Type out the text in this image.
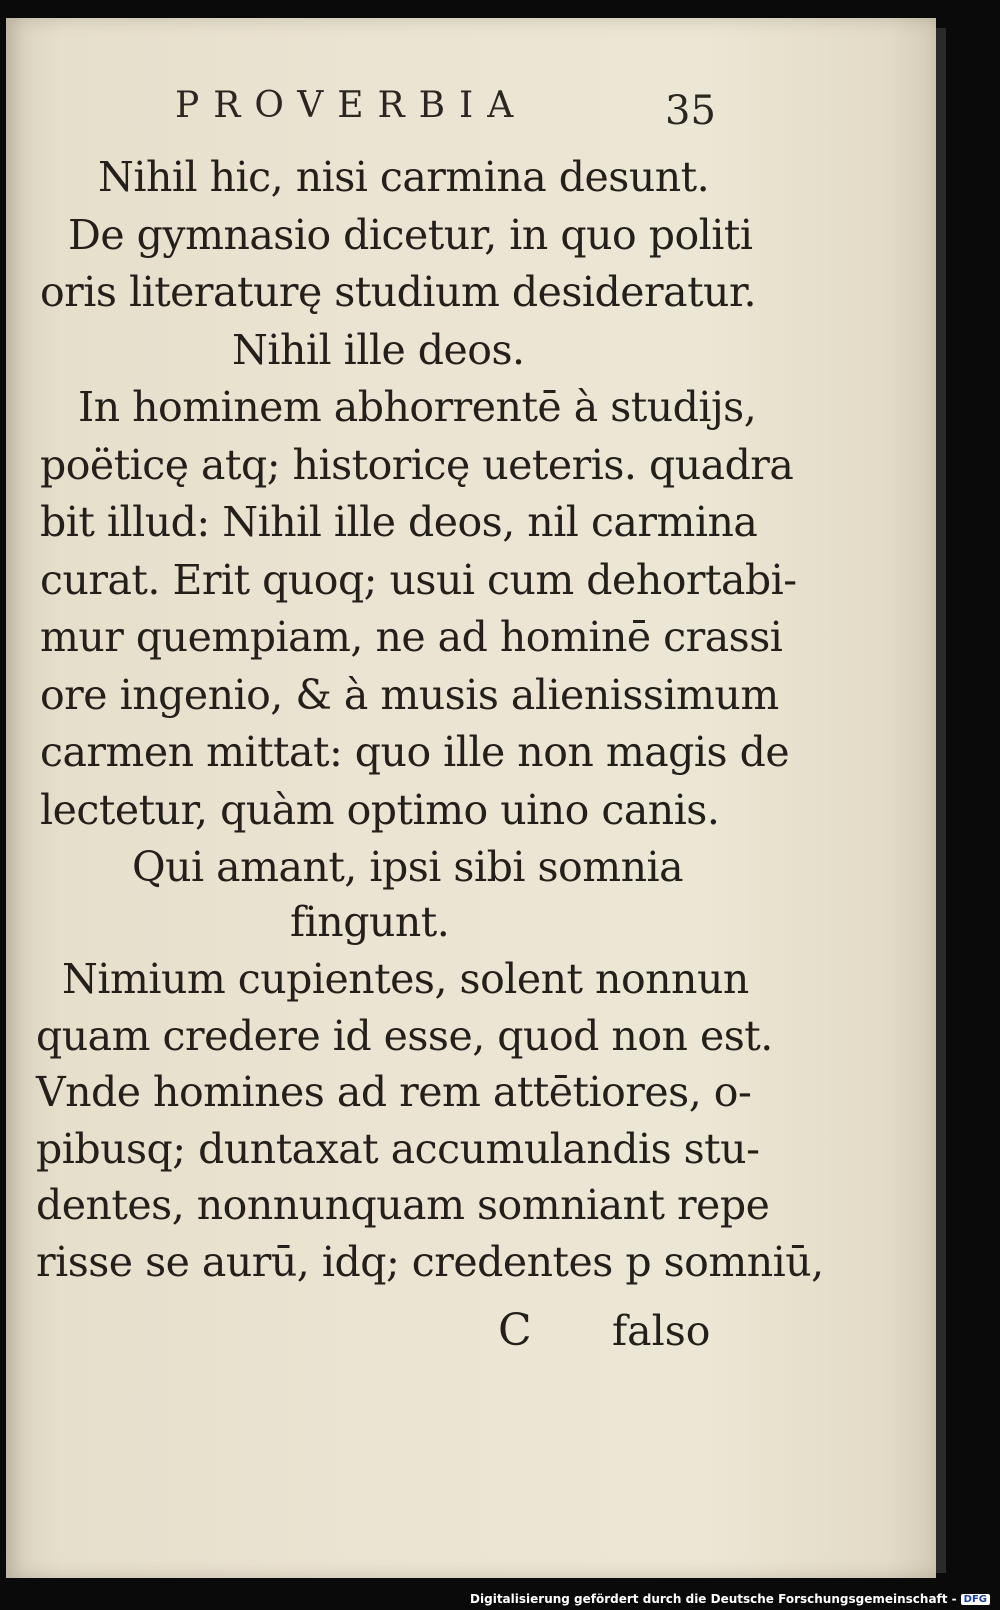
PROVERBIA	35
Nihil hic, nisi carmina desunt.
De gymnasio dicetur, in quo politi
oris literaturę studium desideratur.
Nihil ille deos.
In hominem abhorrentē à studijs,
poëticę atq; historicę ueteris. quadra
bit illud: Nihil ille deos, nil carmina
curat. Erit quoq; usui cum dehortabi-
mur quempiam, ne ad hominē crassi
ore ingenio, & à musis alienissimum
carmen mittat: quo ille non magis de
lectetur, quàm optimo uino canis.
Qui amant, ipsi sibi somnia
fingunt.
Nimium cupientes, solent nonnun
quam credere id esse, quod non est.
Vnde homines ad rem attētiores, o-
pibusq; duntaxat accumulandis stu-
dentes, nonnunquam somniant repe
risse se aurū, idq; credentes p somniū,
C falso
Digitalisierung gefördert durch die Deutsche Forschungsgemeinschaft - DFG
